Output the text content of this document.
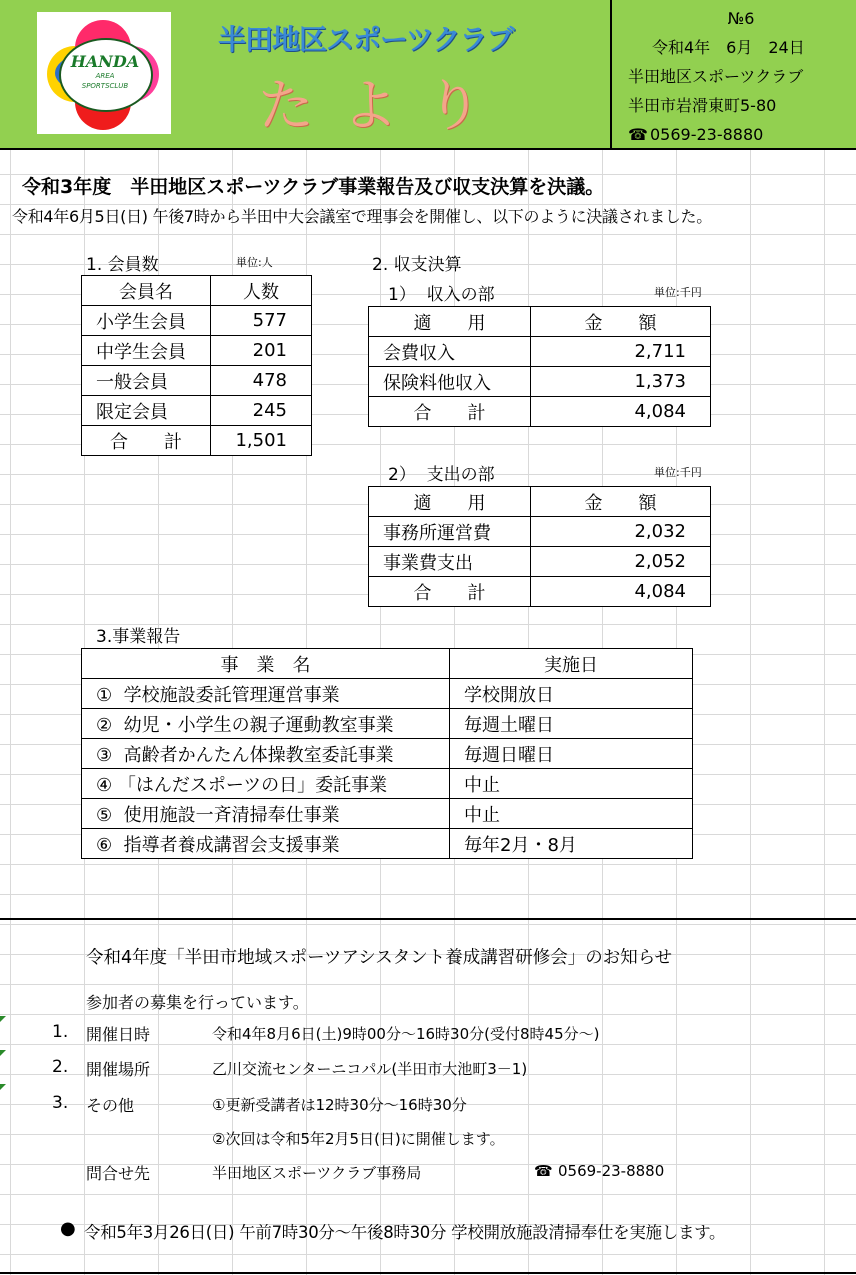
HANDA
AREA
SPORTSCLUB
半田地区スポーツクラブ
たより
№6
令和4年　6月　24日
半田地区スポーツクラブ
半田市岩滑東町5-80
☎ 0569-23-8880
令和3年度　半田地区スポーツクラブ事業報告及び収支決算を決議。
令和4年6月5日(日) 午後7時から半田中大会議室で理事会を開催し、以下のように決議されました。
1. 会員数	単位:人
会員名	人数
小学生会員	577
中学生会員	201
一般会員	478
限定会員	245
合　　計	1,501
2. 収支決算
1）  収入の部	単位:千円
適　　用	金　　額
会費収入	2,711
保険料他収入	1,373
合　　計	4,084
2）  支出の部	単位:千円
適　　用	金　　額
事務所運営費	2,032
事業費支出	2,052
合　　計	4,084
3.事業報告
事　業　名	実施日
①  学校施設委託管理運営事業	学校開放日
②  幼児・小学生の親子運動教室事業	毎週土曜日
③  高齢者かんたん体操教室委託事業	毎週日曜日
④ 「はんだスポーツの日」委託事業	中止
⑤  使用施設一斉清掃奉仕事業	中止
⑥  指導者養成講習会支援事業	毎年2月・8月
令和4年度「半田市地域スポーツアシスタント養成講習研修会」のお知らせ
参加者の募集を行っています。
1. 開催日時	令和4年8月6日(土)9時00分～16時30分(受付8時45分～)
2. 開催場所	乙川交流センターニコパル(半田市大池町3－1)
3. その他	①更新受講者は12時30分～16時30分
②次回は令和5年2月5日(日)に開催します。
問合せ先	半田地区スポーツクラブ事務局	☎ 0569-23-8880
● 令和5年3月26日(日) 午前7時30分～午後8時30分 学校開放施設清掃奉仕を実施します。
